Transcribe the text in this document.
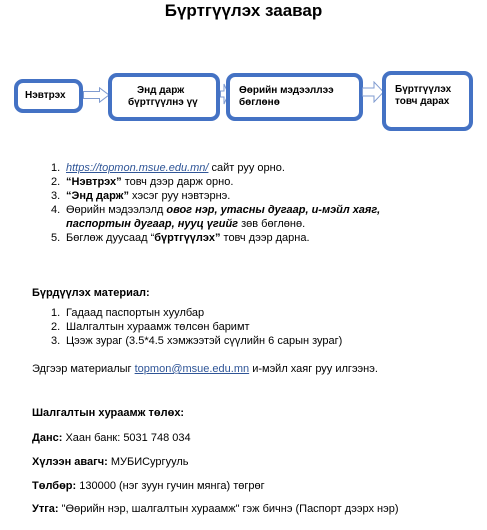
Бүртгүүлэх заавар
Нэвтрэх	Энд дарж
бүртгүүлнэ үү
Өөрийн мэдээллээ
бөглөнө
Бүртгүүлэх
товч дарах
1. https://topmon.msue.edu.mn/ сайт руу орно.
2. “Нэвтрэх” товч дээр дарж орно.
3. “Энд дарж” хэсэг руу нэвтэрнэ.
4. Өөрийн мэдээлэлд овог нэр, утасны дугаар, и-мэйл хаяг,
паспортын дугаар, нууц үгийг зөв бөглөнө.
5. Бөглөж дуусаад “бүртгүүлэх” товч дээр дарна.
Бүрдүүлэх материал:
1. Гадаад паспортын хуулбар
2. Шалгалтын хураамж төлсөн баримт
3. Цээж зураг (3.5*4.5 хэмжээтэй сүүлийн 6 сарын зураг)
Эдгээр материалыг topmon@msue.edu.mn и-мэйл хаяг руу илгээнэ.
Шалгалтын хураамж төлөх:
Данс: Хаан банк: 5031 748 034
Хүлээн авагч: МУБИСургууль
Төлбөр: 130000 (нэг зуун гучин мянга) төгрөг
Утга: "Өөрийн нэр, шалгалтын хураамж" гэж бичнэ (Паспорт дээрх нэр)
